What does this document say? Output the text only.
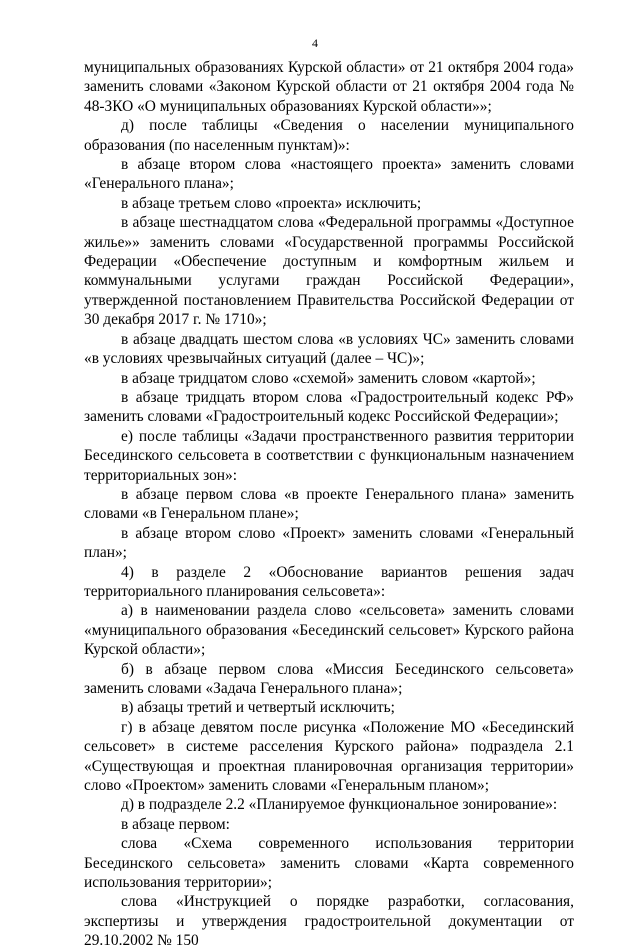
4

муниципальных образованиях Курской области» от 21 октября 2004 года» заменить словами «Законом Курской области от 21 октября 2004 года № 48-ЗКО «О муниципальных образованиях Курской области»»;

д) после таблицы «Сведения о населении муниципального образования (по населенным пунктам)»:

в абзаце втором слова «настоящего проекта» заменить словами «Генерального плана»;

в абзаце третьем слово «проекта» исключить;

в абзаце шестнадцатом слова «Федеральной программы «Доступное жилье»» заменить словами «Государственной программы Российской Федерации «Обеспечение доступным и комфортным жильем и коммунальными услугами граждан Российской Федерации», утвержденной постановлением Правительства Российской Федерации от 30 декабря 2017 г. № 1710»;

в абзаце двадцать шестом слова «в условиях ЧС» заменить словами «в условиях чрезвычайных ситуаций (далее – ЧС)»;

в абзаце тридцатом слово «схемой» заменить словом «картой»;

в абзаце тридцать втором слова «Градостроительный кодекс РФ» заменить словами «Градостроительный кодекс Российской Федерации»;

е) после таблицы «Задачи пространственного развития территории Бесединского сельсовета в соответствии с функциональным назначением территориальных зон»:

в абзаце первом слова «в проекте Генерального плана» заменить словами «в Генеральном плане»;

в абзаце втором слово «Проект» заменить словами «Генеральный план»;

4) в разделе 2 «Обоснование вариантов решения задач территориального планирования сельсовета»:

а) в наименовании раздела слово «сельсовета» заменить словами «муниципального образования «Бесединский сельсовет» Курского района Курской области»;

б) в абзаце первом слова «Миссия Бесединского сельсовета» заменить словами «Задача Генерального плана»;

в) абзацы третий и четвертый исключить;

г) в абзаце девятом после рисунка «Положение МО «Бесединский сельсовет» в системе расселения Курского района» подраздела 2.1 «Существующая и проектная планировочная организация территории» слово «Проектом» заменить словами «Генеральным планом»;

д) в подразделе 2.2 «Планируемое функциональное зонирование»:

в абзаце первом:

слова «Схема современного использования территории Бесединского сельсовета» заменить словами «Карта современного использования территории»;

слова «Инструкцией о порядке разработки, согласования, экспертизы и утверждения градостроительной документации от 29.10.2002 № 150
